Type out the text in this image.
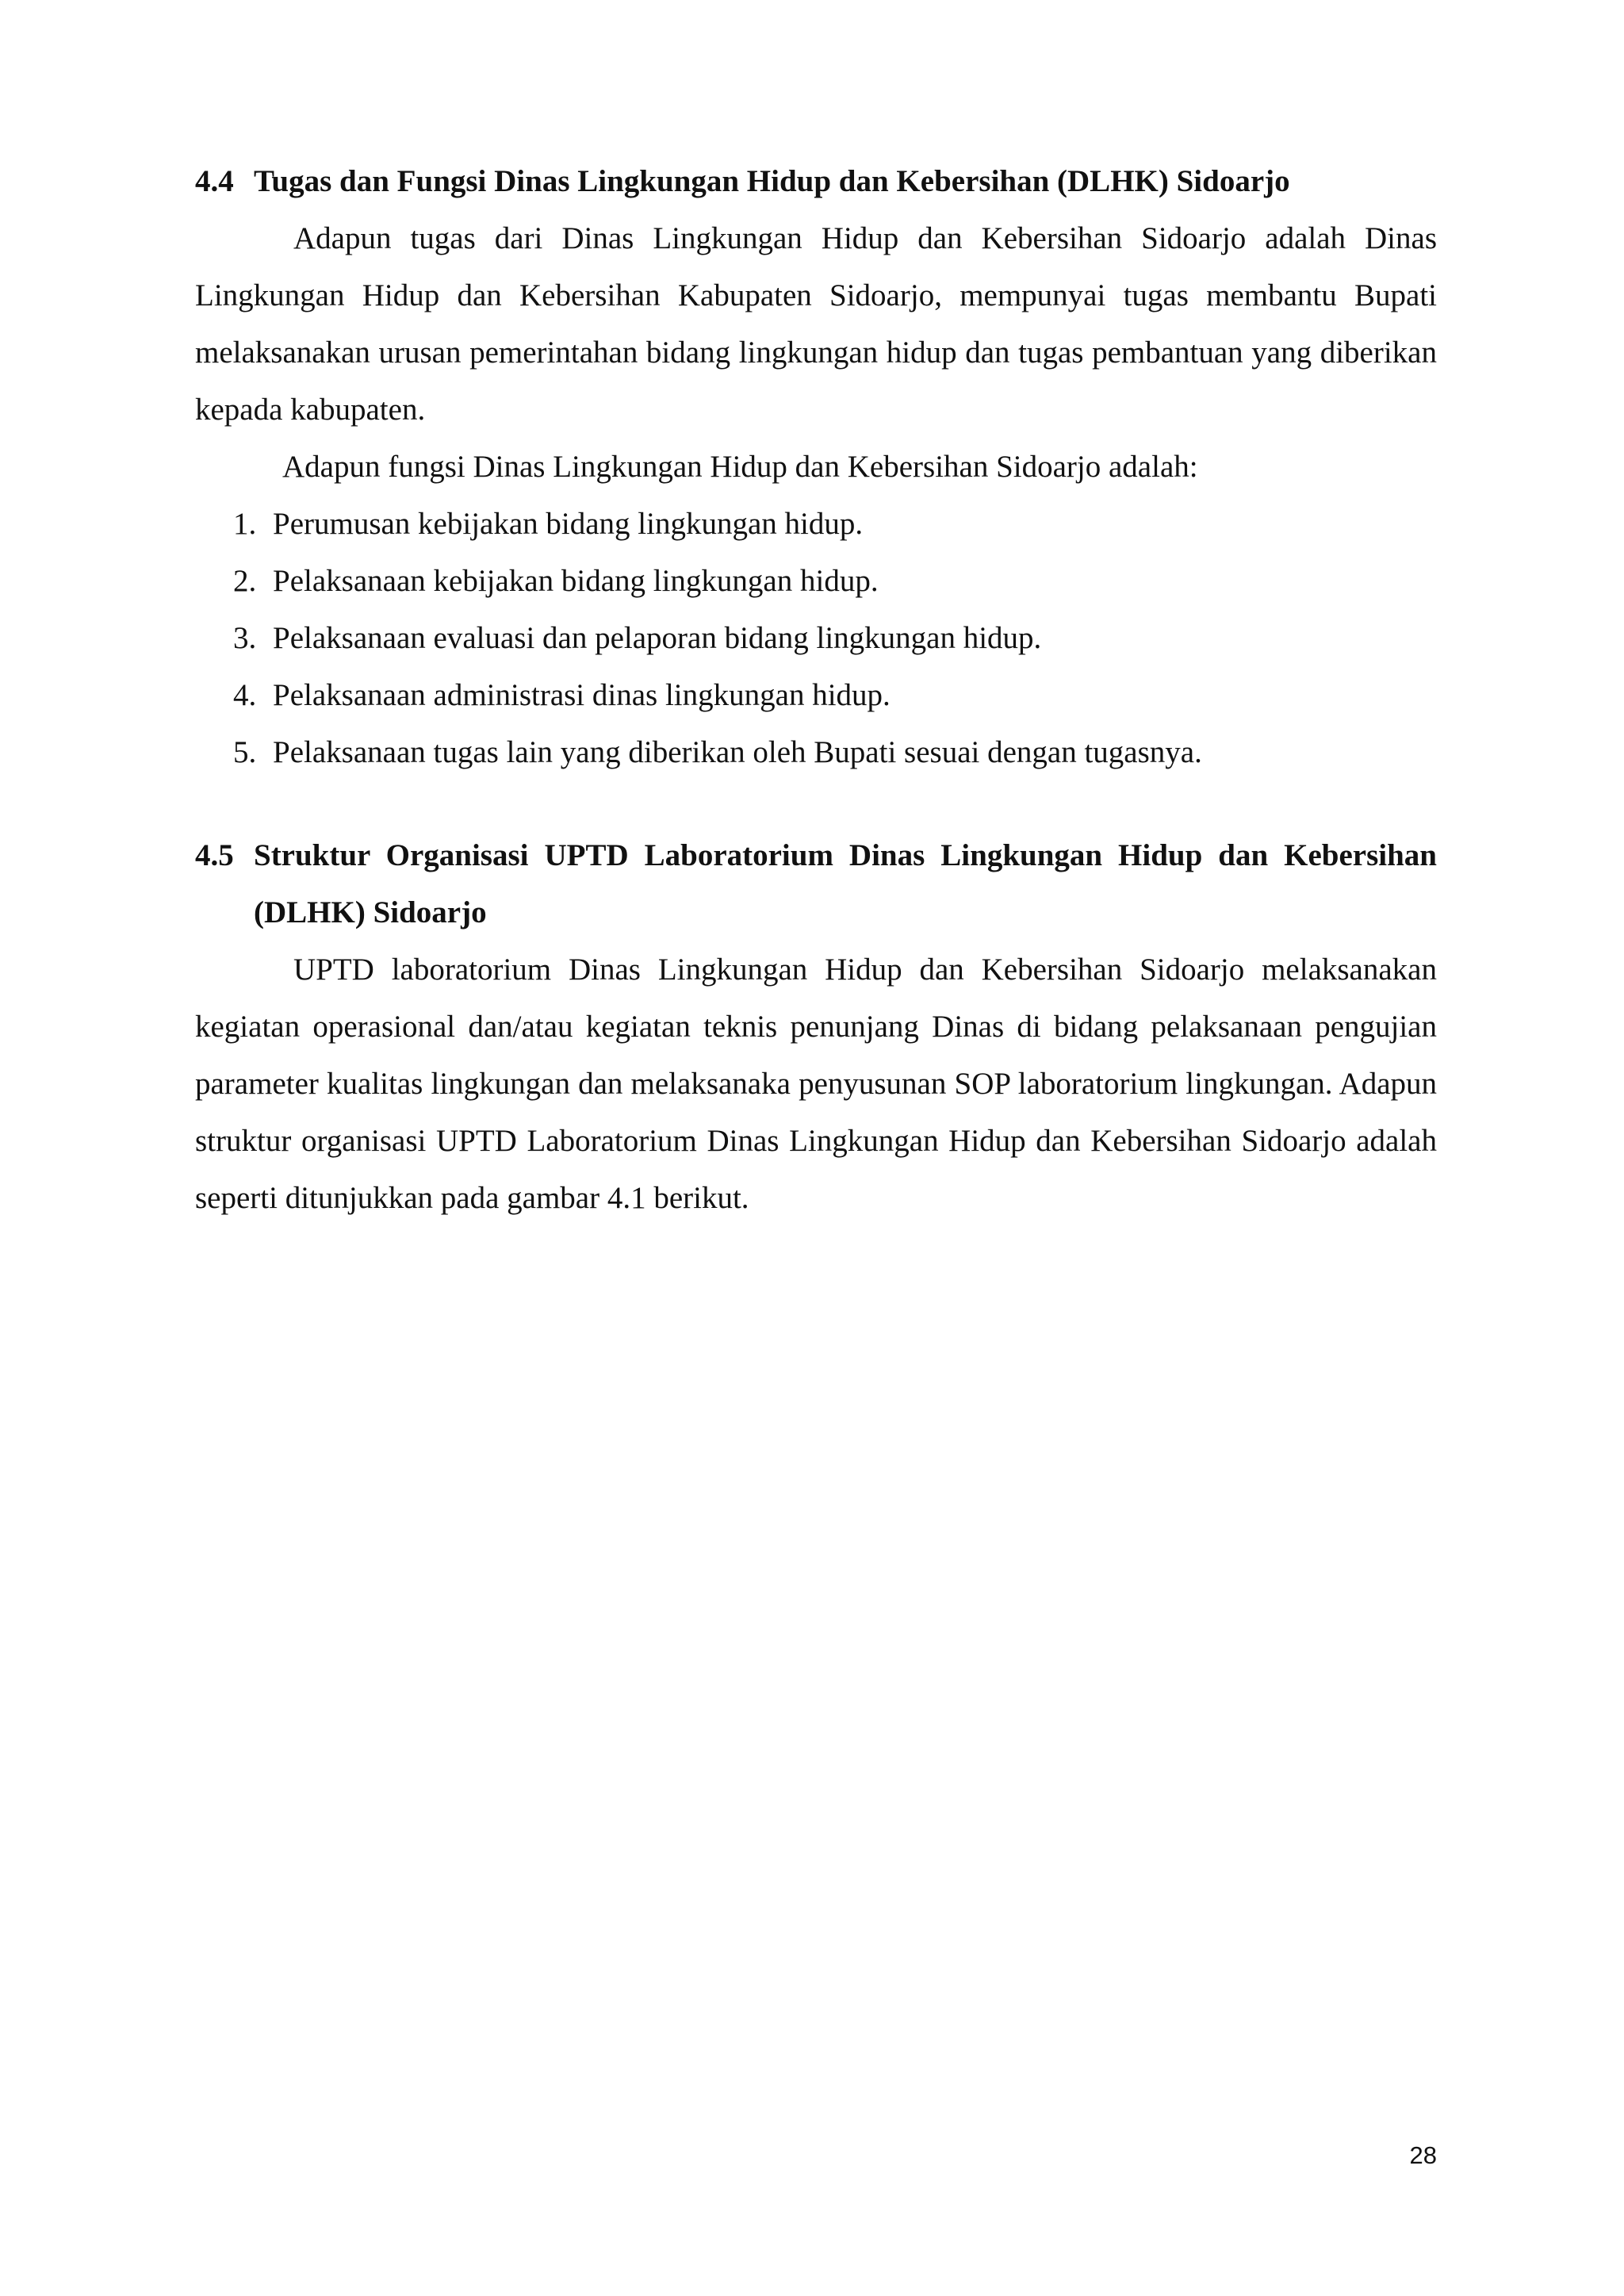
4.4 Tugas dan Fungsi Dinas Lingkungan Hidup dan Kebersihan (DLHK) Sidoarjo

Adapun tugas dari Dinas Lingkungan Hidup dan Kebersihan Sidoarjo adalah Dinas Lingkungan Hidup dan Kebersihan Kabupaten Sidoarjo, mempunyai tugas membantu Bupati melaksanakan urusan pemerintahan bidang lingkungan hidup dan tugas pembantuan yang diberikan kepada kabupaten.

Adapun fungsi Dinas Lingkungan Hidup dan Kebersihan Sidoarjo adalah:

1. Perumusan kebijakan bidang lingkungan hidup.
2. Pelaksanaan kebijakan bidang lingkungan hidup.
3. Pelaksanaan evaluasi dan pelaporan bidang lingkungan hidup.
4. Pelaksanaan administrasi dinas lingkungan hidup.
5. Pelaksanaan tugas lain yang diberikan oleh Bupati sesuai dengan tugasnya.
4.5 Struktur Organisasi UPTD Laboratorium Dinas Lingkungan Hidup dan Kebersihan (DLHK) Sidoarjo

UPTD laboratorium Dinas Lingkungan Hidup dan Kebersihan Sidoarjo melaksanakan kegiatan operasional dan/atau kegiatan teknis penunjang Dinas di bidang pelaksanaan pengujian parameter kualitas lingkungan dan melaksanaka penyusunan SOP laboratorium lingkungan. Adapun struktur organisasi UPTD Laboratorium Dinas Lingkungan Hidup dan Kebersihan Sidoarjo adalah seperti ditunjukkan pada gambar 4.1 berikut.

28
